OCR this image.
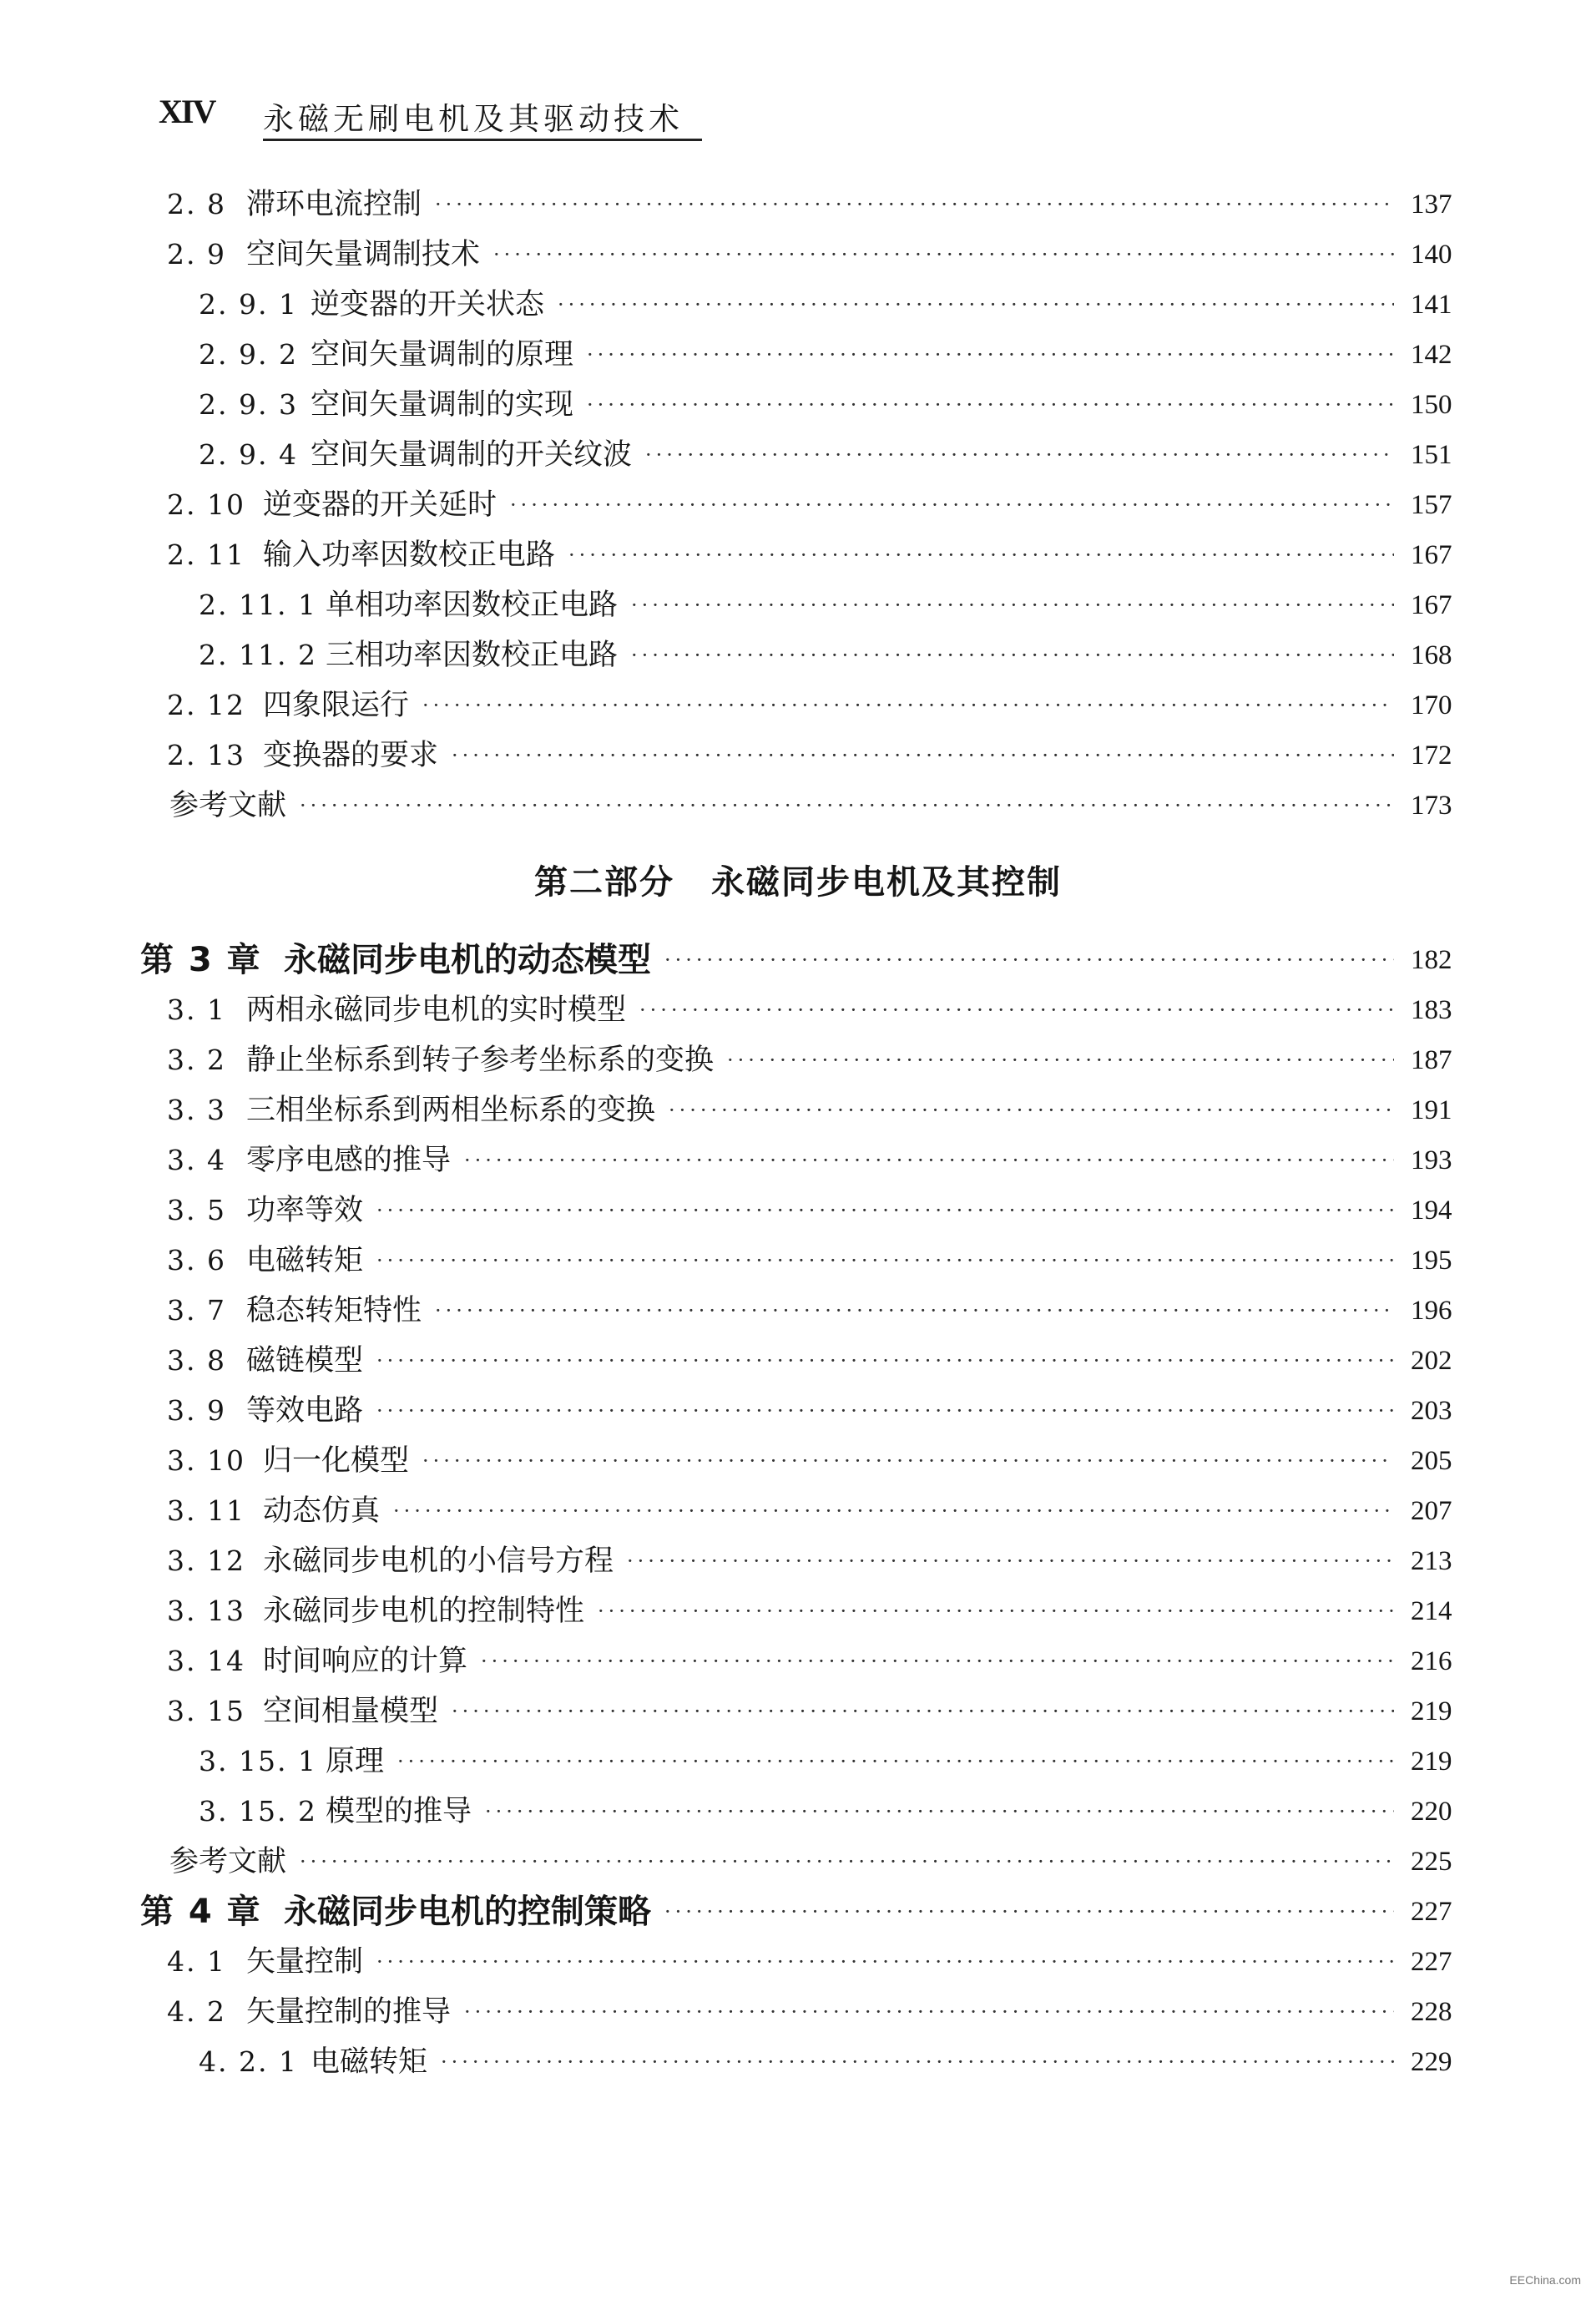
XIV 永磁无刷电机及其驱动技术
第二部分 永磁同步电机及其控制
2. 8 ····· 滞环电流控制	137
2. 9 ····· 空间矢量调制技术	140
2. 9. 1 ····· 逆变器的开关状态	141
2. 9. 2 ····· 空间矢量调制的原理	142
2. 9. 3 ····· 空间矢量调制的实现	150
2. 9. 4 ····· 空间矢量调制的开关纹波	151
2. 10 ····· 逆变器的开关延时	157
2. 11 ····· 输入功率因数校正电路	167
2. 11. 1 ····· 单相功率因数校正电路	167
2. 11. 2 ····· 三相功率因数校正电路	168
2. 12 ····· 四象限运行	170
2. 13 ····· 变换器的要求	172
·····
参考文献	173
第 3 章 ····· 永磁同步电机的动态模型	182
3. 1 ····· 两相永磁同步电机的实时模型	183
3. 2 ····· 静止坐标系到转子参考坐标系的变换	187
3. 3 ····· 三相坐标系到两相坐标系的变换	191
3. 4 ····· 零序电感的推导	193
3. 5 ····· 功率等效	194
3. 6 ····· 电磁转矩	195
3. 7 ····· 稳态转矩特性	196
3. 8 ····· 磁链模型	202
3. 9 ····· 等效电路	203
3. 10 ····· 归一化模型	205
3. 11 ····· 动态仿真	207
3. 12 ····· 永磁同步电机的小信号方程	213
3. 13 ····· 永磁同步电机的控制特性	214
3. 14 ····· 时间响应的计算	216
3. 15 ····· 空间相量模型	219
3. 15. 1 ····· 原理	219
3. 15. 2 ····· 模型的推导	220
·····
参考文献	225
第 4 章 ····· 永磁同步电机的控制策略	227
4. 1 ····· 矢量控制	227
4. 2 ····· 矢量控制的推导	228
4. 2. 1 ····· 电磁转矩	229
EEChina.com
